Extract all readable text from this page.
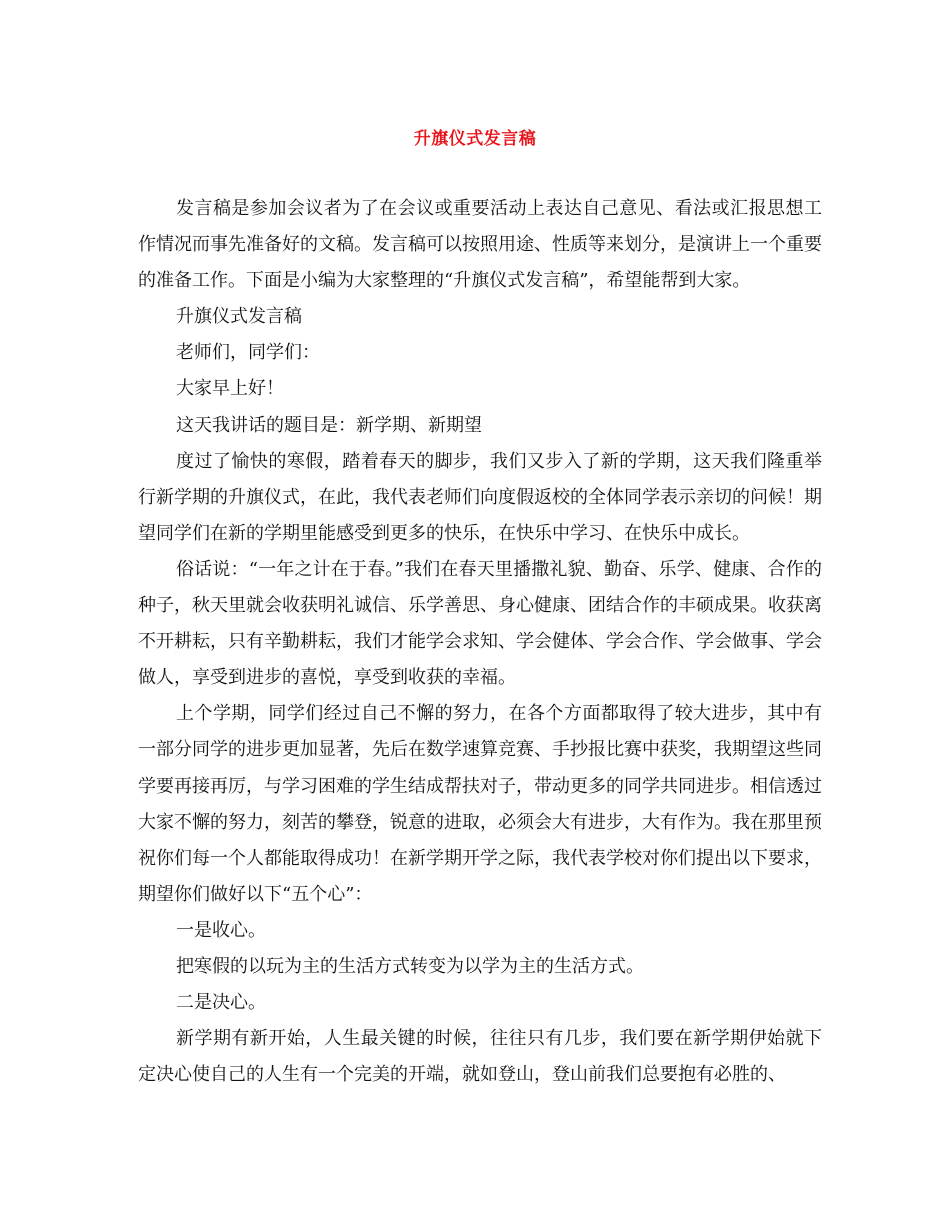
升旗仪式发言稿

发言稿是参加会议者为了在会议或重要活动上表达自己意见、看法或汇报思想工作情况而事先准备好的文稿。发言稿可以按照用途、性质等来划分，是演讲上一个重要的准备工作。下面是小编为大家整理的“升旗仪式发言稿”，希望能帮到大家。

升旗仪式发言稿

老师们，同学们：

大家早上好！

这天我讲话的题目是：新学期、新期望

度过了愉快的寒假，踏着春天的脚步，我们又步入了新的学期，这天我们隆重举行新学期的升旗仪式，在此，我代表老师们向度假返校的全体同学表示亲切的问候！期望同学们在新的学期里能感受到更多的快乐，在快乐中学习、在快乐中成长。

俗话说：“一年之计在于春。”我们在春天里播撒礼貌、勤奋、乐学、健康、合作的种子，秋天里就会收获明礼诚信、乐学善思、身心健康、团结合作的丰硕成果。收获离不开耕耘，只有辛勤耕耘，我们才能学会求知、学会健体、学会合作、学会做事、学会做人，享受到进步的喜悦，享受到收获的幸福。

上个学期，同学们经过自己不懈的努力，在各个方面都取得了较大进步，其中有一部分同学的进步更加显著，先后在数学速算竞赛、手抄报比赛中获奖，我期望这些同学要再接再厉，与学习困难的学生结成帮扶对子，带动更多的同学共同进步。相信透过大家不懈的努力，刻苦的攀登，锐意的进取，必须会大有进步，大有作为。我在那里预祝你们每一个人都能取得成功！在新学期开学之际，我代表学校对你们提出以下要求，期望你们做好以下“五个心”：

一是收心。

把寒假的以玩为主的生活方式转变为以学为主的生活方式。

二是决心。

新学期有新开始，人生最关键的时候，往往只有几步，我们要在新学期伊始就下定决心使自己的人生有一个完美的开端，就如登山，登山前我们总要抱有必胜的、
